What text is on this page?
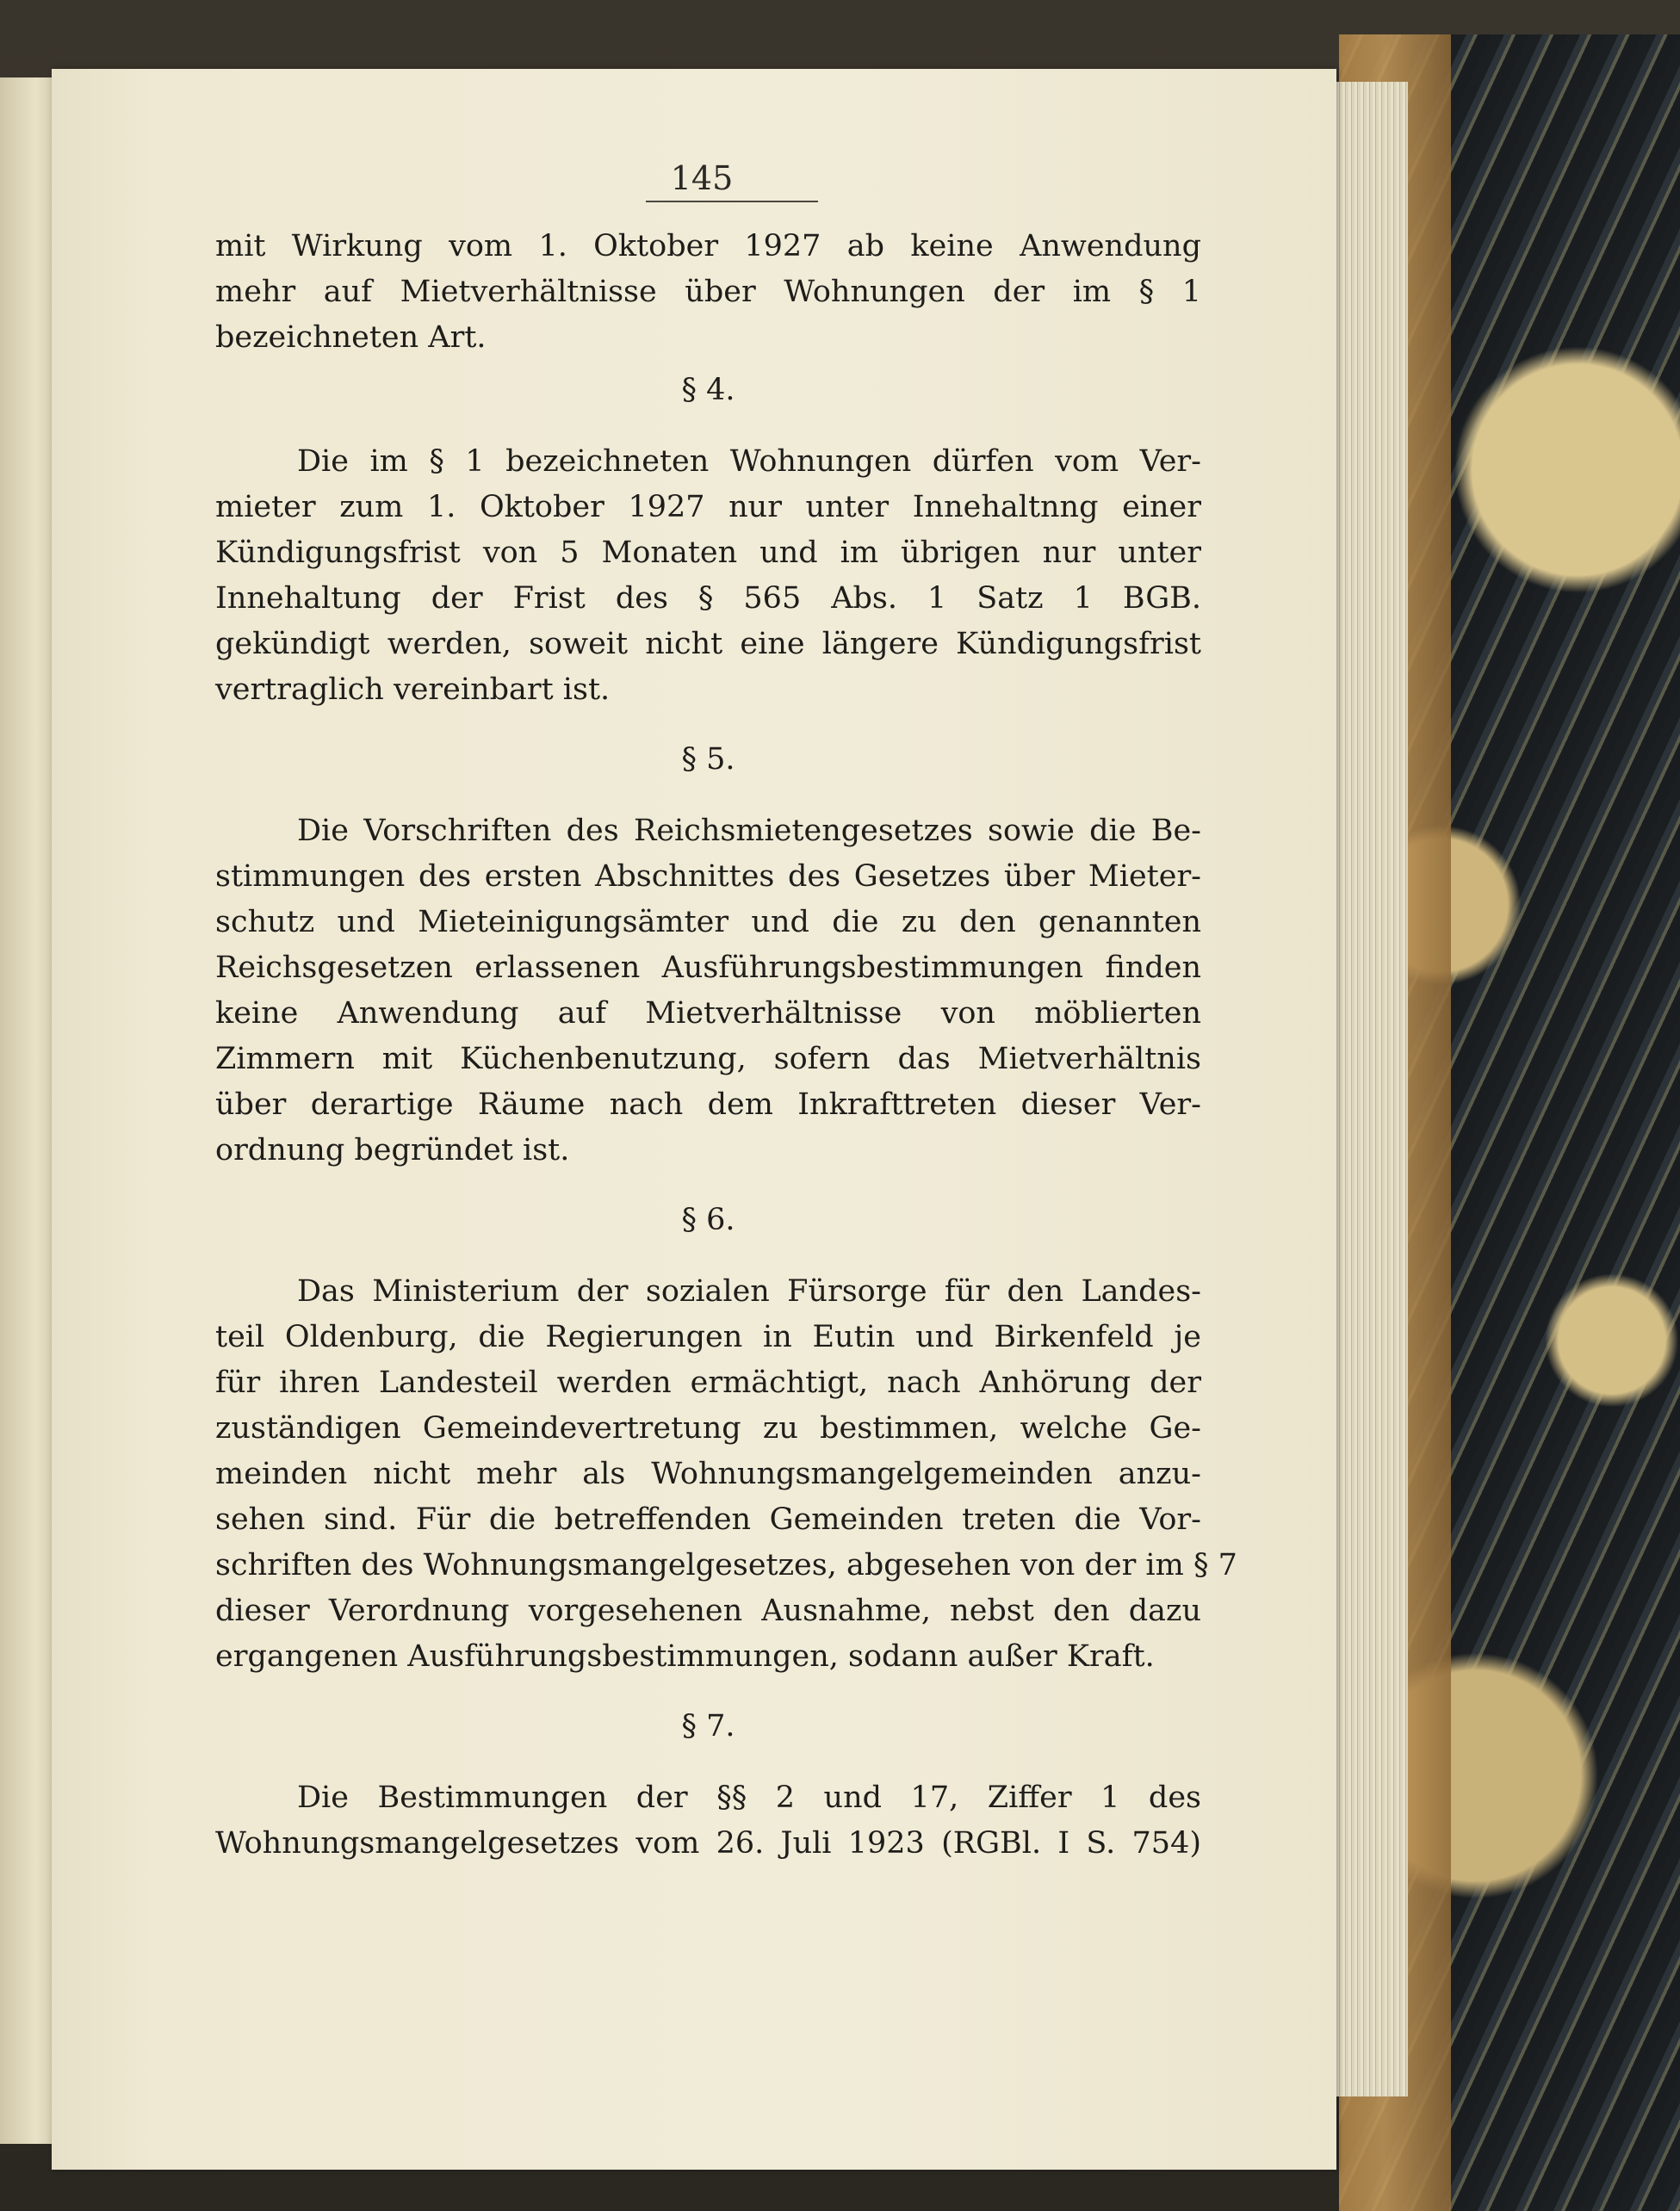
145
mit Wirkung vom 1. Oktober 1927 ab keine Anwendung
mehr auf Mietverhältnisse über Wohnungen der im § 1
bezeichneten Art.
§ 4.
Die im § 1 bezeichneten Wohnungen dürfen vom Ver-
mieter zum 1. Oktober 1927 nur unter Innehaltnng einer
Kündigungsfrist von 5 Monaten und im übrigen nur unter
Innehaltung der Frist des § 565 Abs. 1 Satz 1 BGB.
gekündigt werden, soweit nicht eine längere Kündigungsfrist
vertraglich vereinbart ist.
§ 5.
Die Vorschriften des Reichsmietengesetzes sowie die Be-
stimmungen des ersten Abschnittes des Gesetzes über Mieter-
schutz und Mieteinigungsämter und die zu den genannten
Reichsgesetzen erlassenen Ausführungsbestimmungen finden
keine Anwendung auf Mietverhältnisse von möblierten
Zimmern mit Küchenbenutzung, sofern das Mietverhältnis
über derartige Räume nach dem Inkrafttreten dieser Ver-
ordnung begründet ist.
§ 6.
Das Ministerium der sozialen Fürsorge für den Landes-
teil Oldenburg, die Regierungen in Eutin und Birkenfeld je
für ihren Landesteil werden ermächtigt, nach Anhörung der
zuständigen Gemeindevertretung zu bestimmen, welche Ge-
meinden nicht mehr als Wohnungsmangelgemeinden anzu-
sehen sind. Für die betreffenden Gemeinden treten die Vor-
schriften des Wohnungsmangelgesetzes, abgesehen von der im § 7
dieser Verordnung vorgesehenen Ausnahme, nebst den dazu
ergangenen Ausführungsbestimmungen, sodann außer Kraft.
§ 7.
Die Bestimmungen der §§ 2 und 17, Ziffer 1 des
Wohnungsmangelgesetzes vom 26. Juli 1923 (RGBl. I S. 754)
